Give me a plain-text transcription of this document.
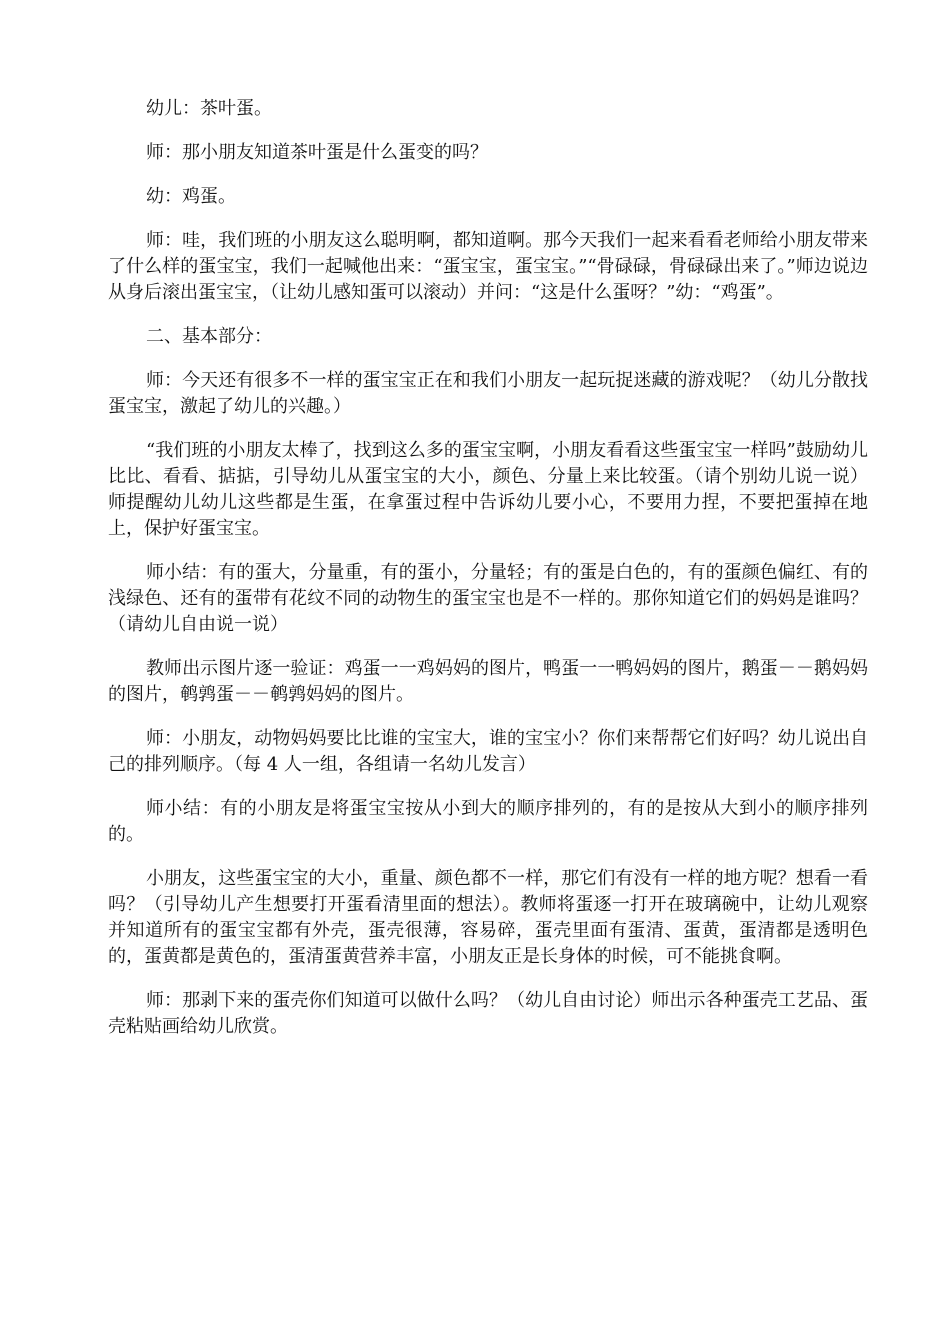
幼儿：茶叶蛋。

师：那小朋友知道茶叶蛋是什么蛋变的吗？

幼：鸡蛋。

师：哇，我们班的小朋友这么聪明啊，都知道啊。那今天我们一起来看看老师给小朋友带来了什么样的蛋宝宝，我们一起喊他出来：“蛋宝宝，蛋宝宝。”“骨碌碌，骨碌碌出来了。”师边说边从身后滚出蛋宝宝，（让幼儿感知蛋可以滚动）并问：“这是什么蛋呀？”幼：“鸡蛋”。

二、基本部分：

师：今天还有很多不一样的蛋宝宝正在和我们小朋友一起玩捉迷藏的游戏呢？（幼儿分散找蛋宝宝，激起了幼儿的兴趣。）

“我们班的小朋友太棒了，找到这么多的蛋宝宝啊，小朋友看看这些蛋宝宝一样吗”鼓励幼儿比比、看看、掂掂，引导幼儿从蛋宝宝的大小，颜色、分量上来比较蛋。（请个别幼儿说一说）师提醒幼儿幼儿这些都是生蛋，在拿蛋过程中告诉幼儿要小心，不要用力捏，不要把蛋掉在地上，保护好蛋宝宝。

师小结：有的蛋大，分量重，有的蛋小，分量轻；有的蛋是白色的，有的蛋颜色偏红、有的浅绿色、还有的蛋带有花纹不同的动物生的蛋宝宝也是不一样的。那你知道它们的妈妈是谁吗？（请幼儿自由说一说）

教师出示图片逐一验证：鸡蛋一一鸡妈妈的图片，鸭蛋一一鸭妈妈的图片，鹅蛋－－鹅妈妈的图片，鹌鹑蛋－－鹌鹑妈妈的图片。

师：小朋友，动物妈妈要比比谁的宝宝大，谁的宝宝小？你们来帮帮它们好吗？幼儿说出自己的排列顺序。（每 4 人一组，各组请一名幼儿发言）

师小结：有的小朋友是将蛋宝宝按从小到大的顺序排列的，有的是按从大到小的顺序排列的。

小朋友，这些蛋宝宝的大小，重量、颜色都不一样，那它们有没有一样的地方呢？想看一看吗？（引导幼儿产生想要打开蛋看清里面的想法）。教师将蛋逐一打开在玻璃碗中，让幼儿观察并知道所有的蛋宝宝都有外壳，蛋壳很薄，容易碎，蛋壳里面有蛋清、蛋黄，蛋清都是透明色的，蛋黄都是黄色的，蛋清蛋黄营养丰富，小朋友正是长身体的时候，可不能挑食啊。

师：那剥下来的蛋壳你们知道可以做什么吗？（幼儿自由讨论）师出示各种蛋壳工艺品、蛋壳粘贴画给幼儿欣赏。
